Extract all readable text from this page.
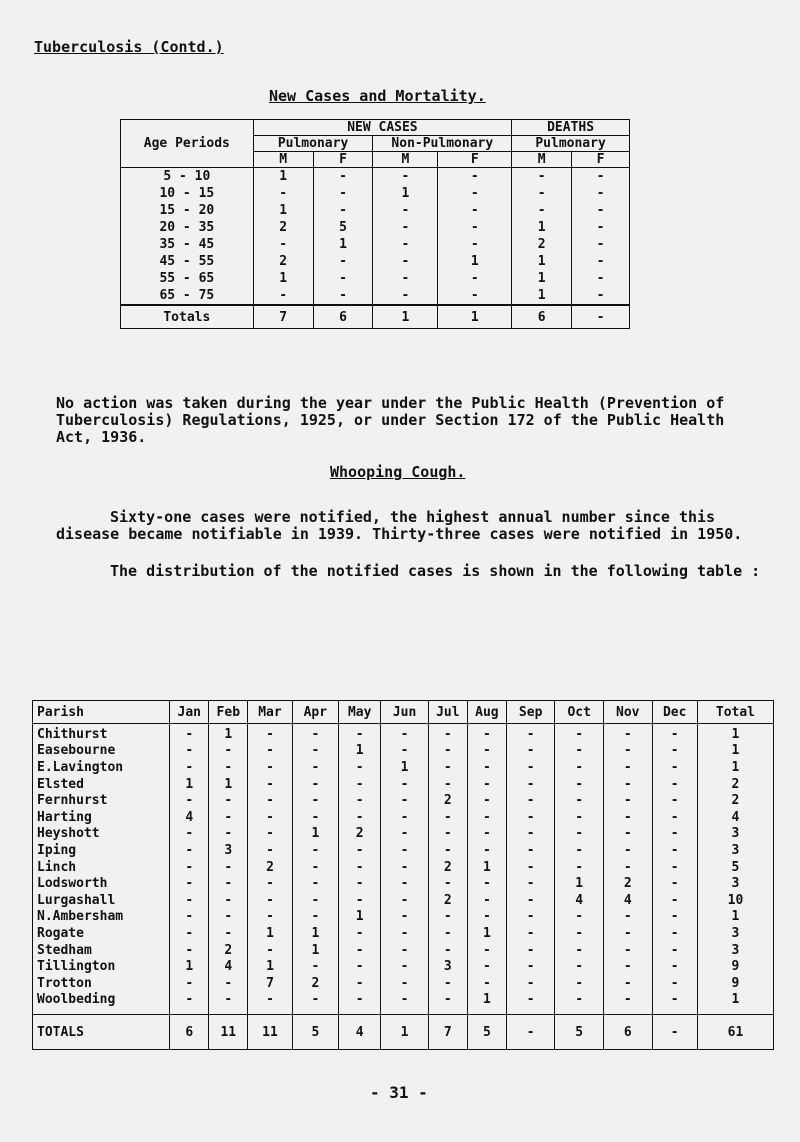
Tuberculosis (Contd.)
New Cases and Mortality.
Age Periods	NEW CASES				DEATHS	
	Pulmonary		Non-Pulmonary		Pulmonary	
	M	F	M	F	M	F
5 - 10	1	-	-	-	-	-
10 - 15	-	-	1	-	-	-
15 - 20	1	-	-	-	-	-
20 - 35	2	5	-	-	1	-
35 - 45	-	1	-	-	2	-
45 - 55	2	-	-	1	1	-
55 - 65	1	-	-	-	1	-
65 - 75	-	-	-	-	1	-
Totals	7	6	1	1	6	-

No action was taken during the year under the Public Health (Prevention of Tuberculosis) Regulations, 1925, or under Section 172 of the Public Health Act, 1936.

Whooping Cough.

Sixty-one cases were notified, the highest annual number since this disease became notifiable in 1939. Thirty-three cases were notified in 1950.

The distribution of the notified cases is shown in the following table :

Parish	Jan	Feb	Mar	Apr	May	Jun	Jul	Aug	Sep	Oct	Nov	Dec	Total
Chithurst	-	1	-	-	-	-	-	-	-	-	-	-	1
Easebourne	-	-	-	-	1	-	-	-	-	-	-	-	1
E.Lavington	-	-	-	-	-	1	-	-	-	-	-	-	1
Elsted	1	1	-	-	-	-	-	-	-	-	-	-	2
Fernhurst	-	-	-	-	-	-	2	-	-	-	-	-	2
Harting	4	-	-	-	-	-	-	-	-	-	-	-	4
Heyshott	-	-	-	1	2	-	-	-	-	-	-	-	3
Iping	-	3	-	-	-	-	-	-	-	-	-	-	3
Linch	-	-	2	-	-	-	2	1	-	-	-	-	5
Lodsworth	-	-	-	-	-	-	-	-	-	1	2	-	3
Lurgashall	-	-	-	-	-	-	2	-	-	4	4	-	10
N.Ambersham	-	-	-	-	1	-	-	-	-	-	-	-	1
Rogate	-	-	1	1	-	-	-	1	-	-	-	-	3
Stedham	-	2	-	1	-	-	-	-	-	-	-	-	3
Tillington	1	4	1	-	-	-	3	-	-	-	-	-	9
Trotton	-	-	7	2	-	-	-	-	-	-	-	-	9
Woolbeding	-	-	-	-	-	-	-	1	-	-	-	-	1
TOTALS	6	11	11	5	4	1	7	5	-	5	6	-	61
- 31 -
